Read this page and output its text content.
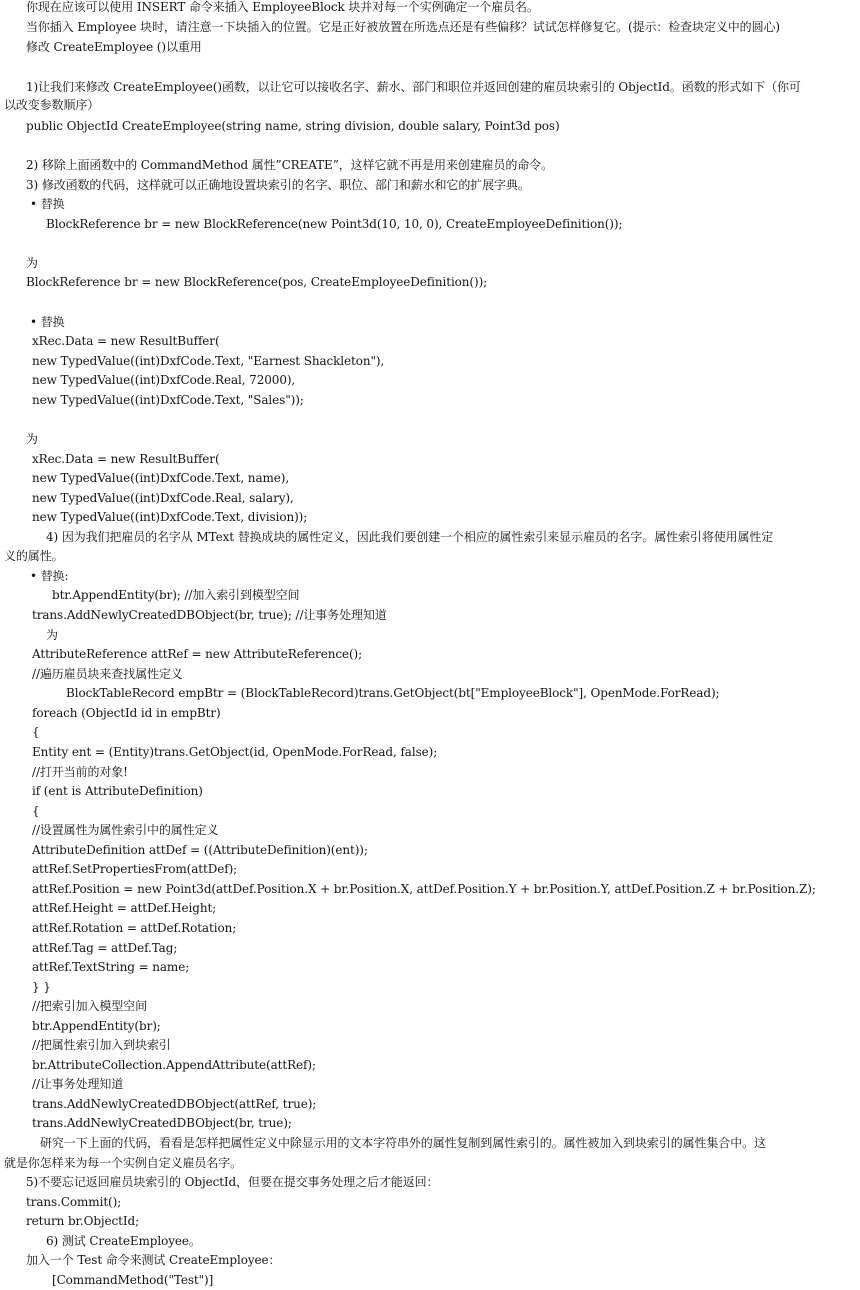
你现在应该可以使用 INSERT 命令来插入 EmployeeBlock 块并对每一个实例确定一个雇员名。
当你插入 Employee 块时，请注意一下块插入的位置。它是正好被放置在所选点还是有些偏移？试试怎样修复它。(提示：检查块定义中的圆心)
修改 CreateEmployee ()以重用
1)让我们来修改 CreateEmployee()函数，以让它可以接收名字、薪水、部门和职位并返回创建的雇员块索引的 ObjectId。函数的形式如下（你可
以改变参数顺序）
public ObjectId CreateEmployee(string name, string division, double salary, Point3d pos)
2) 移除上面函数中的 CommandMethod 属性”CREATE”，这样它就不再是用来创建雇员的命令。
3) 修改函数的代码，这样就可以正确地设置块索引的名字、职位、部门和薪水和它的扩展字典。
• 替换
BlockReference br = new BlockReference(new Point3d(10, 10, 0), CreateEmployeeDefinition());
为
BlockReference br = new BlockReference(pos, CreateEmployeeDefinition());
• 替换
xRec.Data = new ResultBuffer(
new TypedValue((int)DxfCode.Text, "Earnest Shackleton"),
new TypedValue((int)DxfCode.Real, 72000),
new TypedValue((int)DxfCode.Text, "Sales"));
为
xRec.Data = new ResultBuffer(
new TypedValue((int)DxfCode.Text, name),
new TypedValue((int)DxfCode.Real, salary),
new TypedValue((int)DxfCode.Text, division));
4) 因为我们把雇员的名字从 MText 替换成块的属性定义，因此我们要创建一个相应的属性索引来显示雇员的名字。属性索引将使用属性定
义的属性。
• 替换:
btr.AppendEntity(br); //加入索引到模型空间
trans.AddNewlyCreatedDBObject(br, true); //让事务处理知道
为
AttributeReference attRef = new AttributeReference();
//遍历雇员块来查找属性定义
BlockTableRecord empBtr = (BlockTableRecord)trans.GetObject(bt["EmployeeBlock"], OpenMode.ForRead);
foreach (ObjectId id in empBtr)
{
Entity ent = (Entity)trans.GetObject(id, OpenMode.ForRead, false);
//打开当前的对象!
if (ent is AttributeDefinition)
{
//设置属性为属性索引中的属性定义
AttributeDefinition attDef = ((AttributeDefinition)(ent));
attRef.SetPropertiesFrom(attDef);
attRef.Position = new Point3d(attDef.Position.X + br.Position.X, attDef.Position.Y + br.Position.Y, attDef.Position.Z + br.Position.Z);
attRef.Height = attDef.Height;
attRef.Rotation = attDef.Rotation;
attRef.Tag = attDef.Tag;
attRef.TextString = name;
} }
//把索引加入模型空间
btr.AppendEntity(br);
//把属性索引加入到块索引
br.AttributeCollection.AppendAttribute(attRef);
//让事务处理知道
trans.AddNewlyCreatedDBObject(attRef, true);
trans.AddNewlyCreatedDBObject(br, true);
研究一下上面的代码，看看是怎样把属性定义中除显示用的文本字符串外的属性复制到属性索引的。属性被加入到块索引的属性集合中。这
就是你怎样来为每一个实例自定义雇员名字。
5)不要忘记返回雇员块索引的 ObjectId，但要在提交事务处理之后才能返回：
trans.Commit();
return br.ObjectId;
6) 测试 CreateEmployee。
加入一个 Test 命令来测试 CreateEmployee：
[CommandMethod("Test")]
